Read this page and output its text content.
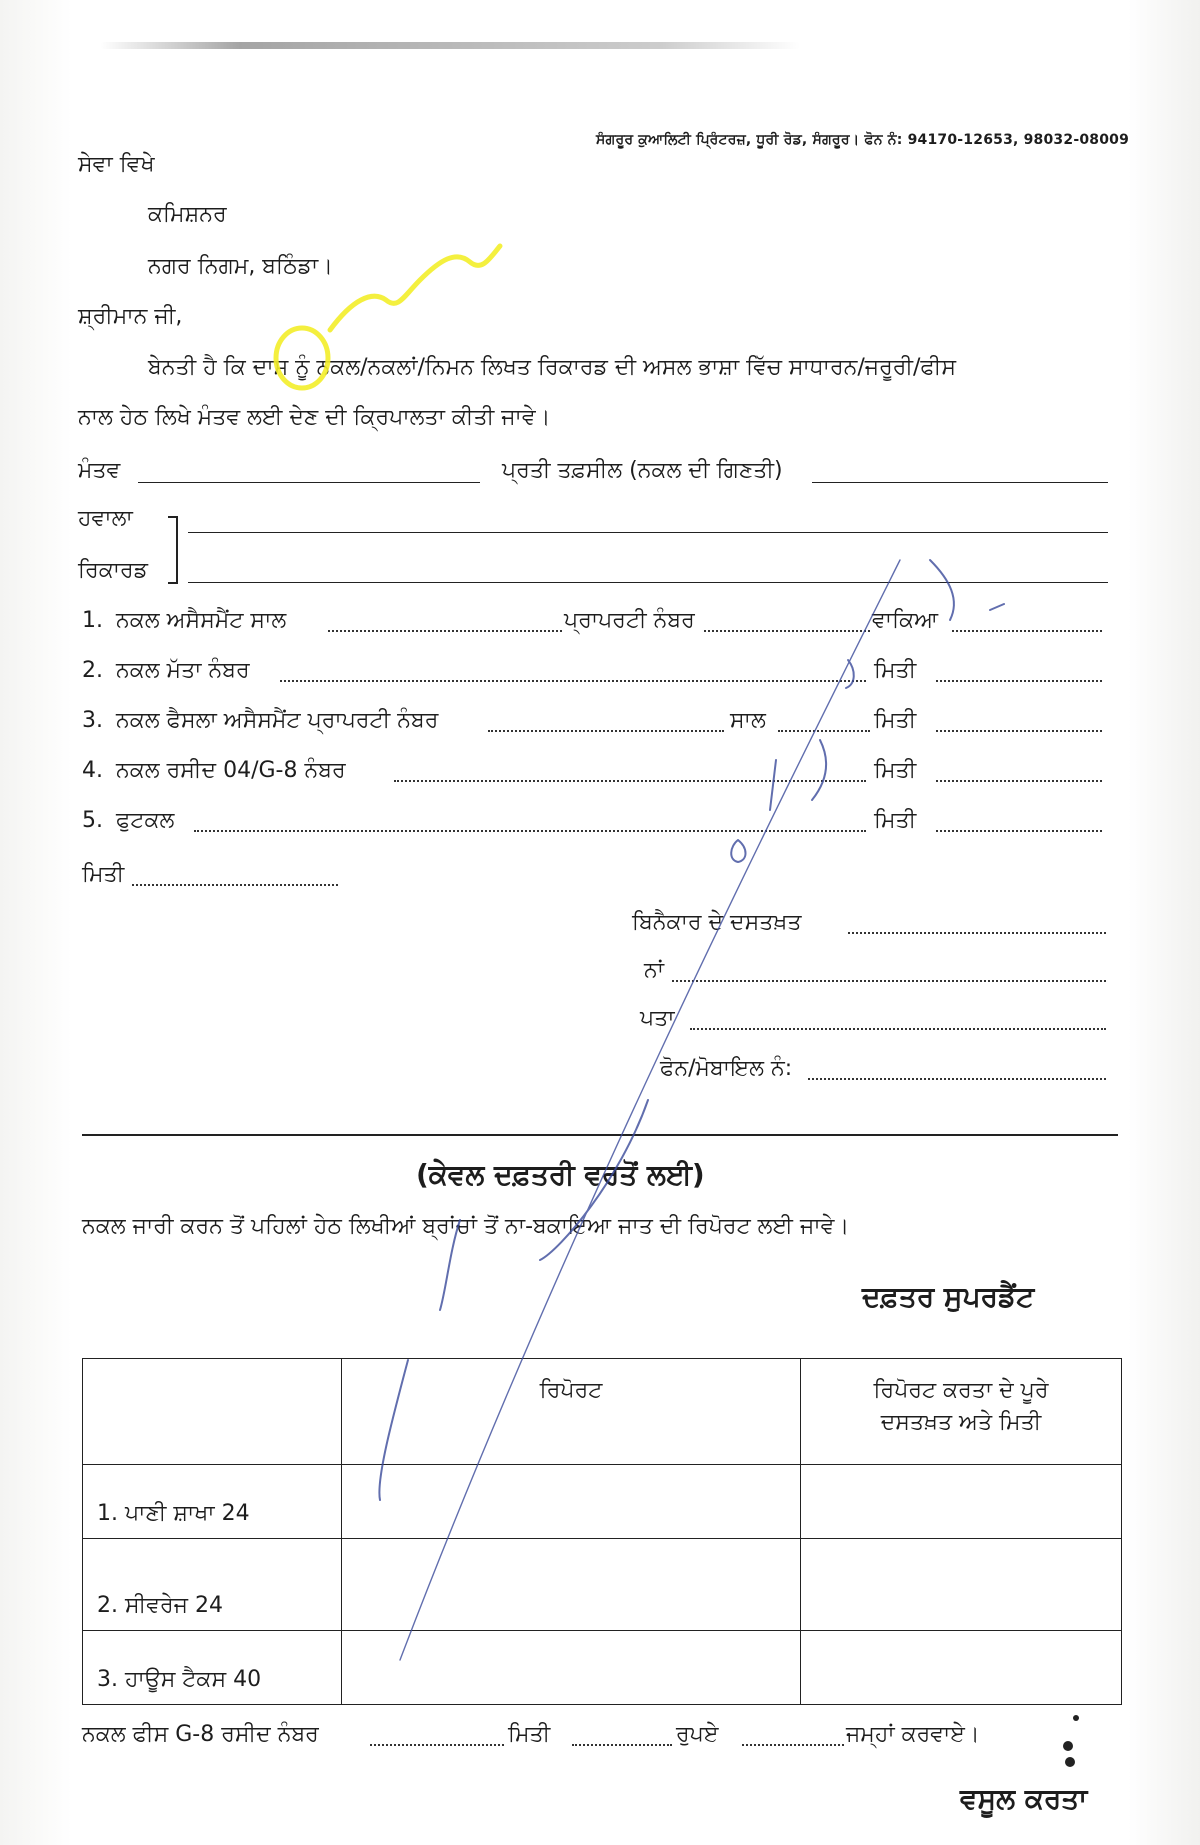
ਸੰਗਰੂਰ ਕੁਆਲਿਟੀ ਪ੍ਰਿੰਟਰਜ਼, ਧੂਰੀ ਰੋਡ, ਸੰਗਰੂਰ। ਫੋਨ ਨੰ: 94170-12653, 98032-08009
ਸੇਵਾ ਵਿਖੇ
ਕਮਿਸ਼ਨਰ
ਨਗਰ ਨਿਗਮ, ਬਠਿੰਡਾ।
ਸ਼੍ਰੀਮਾਨ ਜੀ,
ਬੇਨਤੀ ਹੈ ਕਿ ਦਾਸ ਨੂੰ ਨਕਲ/ਨਕਲਾਂ/ਨਿਮਨ ਲਿਖਤ ਰਿਕਾਰਡ ਦੀ ਅਸਲ ਭਾਸ਼ਾ ਵਿੱਚ ਸਾਧਾਰਨ/ਜਰੂਰੀ/ਫੀਸ
ਨਾਲ ਹੇਠ ਲਿਖੇ ਮੰਤਵ ਲਈ ਦੇਣ ਦੀ ਕ੍ਰਿਪਾਲਤਾ ਕੀਤੀ ਜਾਵੇ।
ਮੰਤਵ	ਪ੍ਰਤੀ ਤਫ਼ਸੀਲ (ਨਕਲ ਦੀ ਗਿਣਤੀ)
ਹਵਾਲਾ
ਰਿਕਾਰਡ
1. ਨਕਲ ਅਸੈਸਮੈਂਟ ਸਾਲ	ਪ੍ਰਾਪਰਟੀ ਨੰਬਰ	ਵਾਕਿਆ
2. ਨਕਲ ਮੱਤਾ ਨੰਬਰ	ਮਿਤੀ
3. ਨਕਲ ਫੈਸਲਾ ਅਸੈਸਮੈਂਟ ਪ੍ਰਾਪਰਟੀ ਨੰਬਰ	ਸਾਲ	ਮਿਤੀ
4. ਨਕਲ ਰਸੀਦ 04/G-8 ਨੰਬਰ	ਮਿਤੀ
5. ਫੁਟਕਲ	ਮਿਤੀ
ਮਿਤੀ
ਬਿਨੈਕਾਰ ਦੇ ਦਸਤਖ਼ਤ
ਨਾਂ
ਪਤਾ
ਫੋਨ/ਮੋਬਾਇਲ ਨੰ:
(ਕੇਵਲ ਦਫ਼ਤਰੀ ਵਰਤੋਂ ਲਈ)
ਨਕਲ ਜਾਰੀ ਕਰਨ ਤੋਂ ਪਹਿਲਾਂ ਹੇਠ ਲਿਖੀਆਂ ਬ੍ਰਾਂਚਾਂ ਤੋਂ ਨਾ-ਬਕਾਇਆ ਜਾਤ ਦੀ ਰਿਪੋਰਟ ਲਈ ਜਾਵੇ।
ਦਫ਼ਤਰ ਸੁਪਰਡੈਂਟ
	ਰਿਪੋਰਟ	ਰਿਪੋਰਟ ਕਰਤਾ ਦੇ ਪੂਰੇ
ਦਸਤਖ਼ਤ ਅਤੇ ਮਿਤੀ

1. ਪਾਣੀ ਸ਼ਾਖਾ 24		
2. ਸੀਵਰੇਜ 24		
3. ਹਾਊਸ ਟੈਕਸ 40		
ਨਕਲ ਫੀਸ G-8 ਰਸੀਦ ਨੰਬਰ	ਮਿਤੀ	ਰੁਪਏ	ਜਮ੍ਹਾਂ ਕਰਵਾਏ।
ਵਸੂਲ ਕਰਤਾ
